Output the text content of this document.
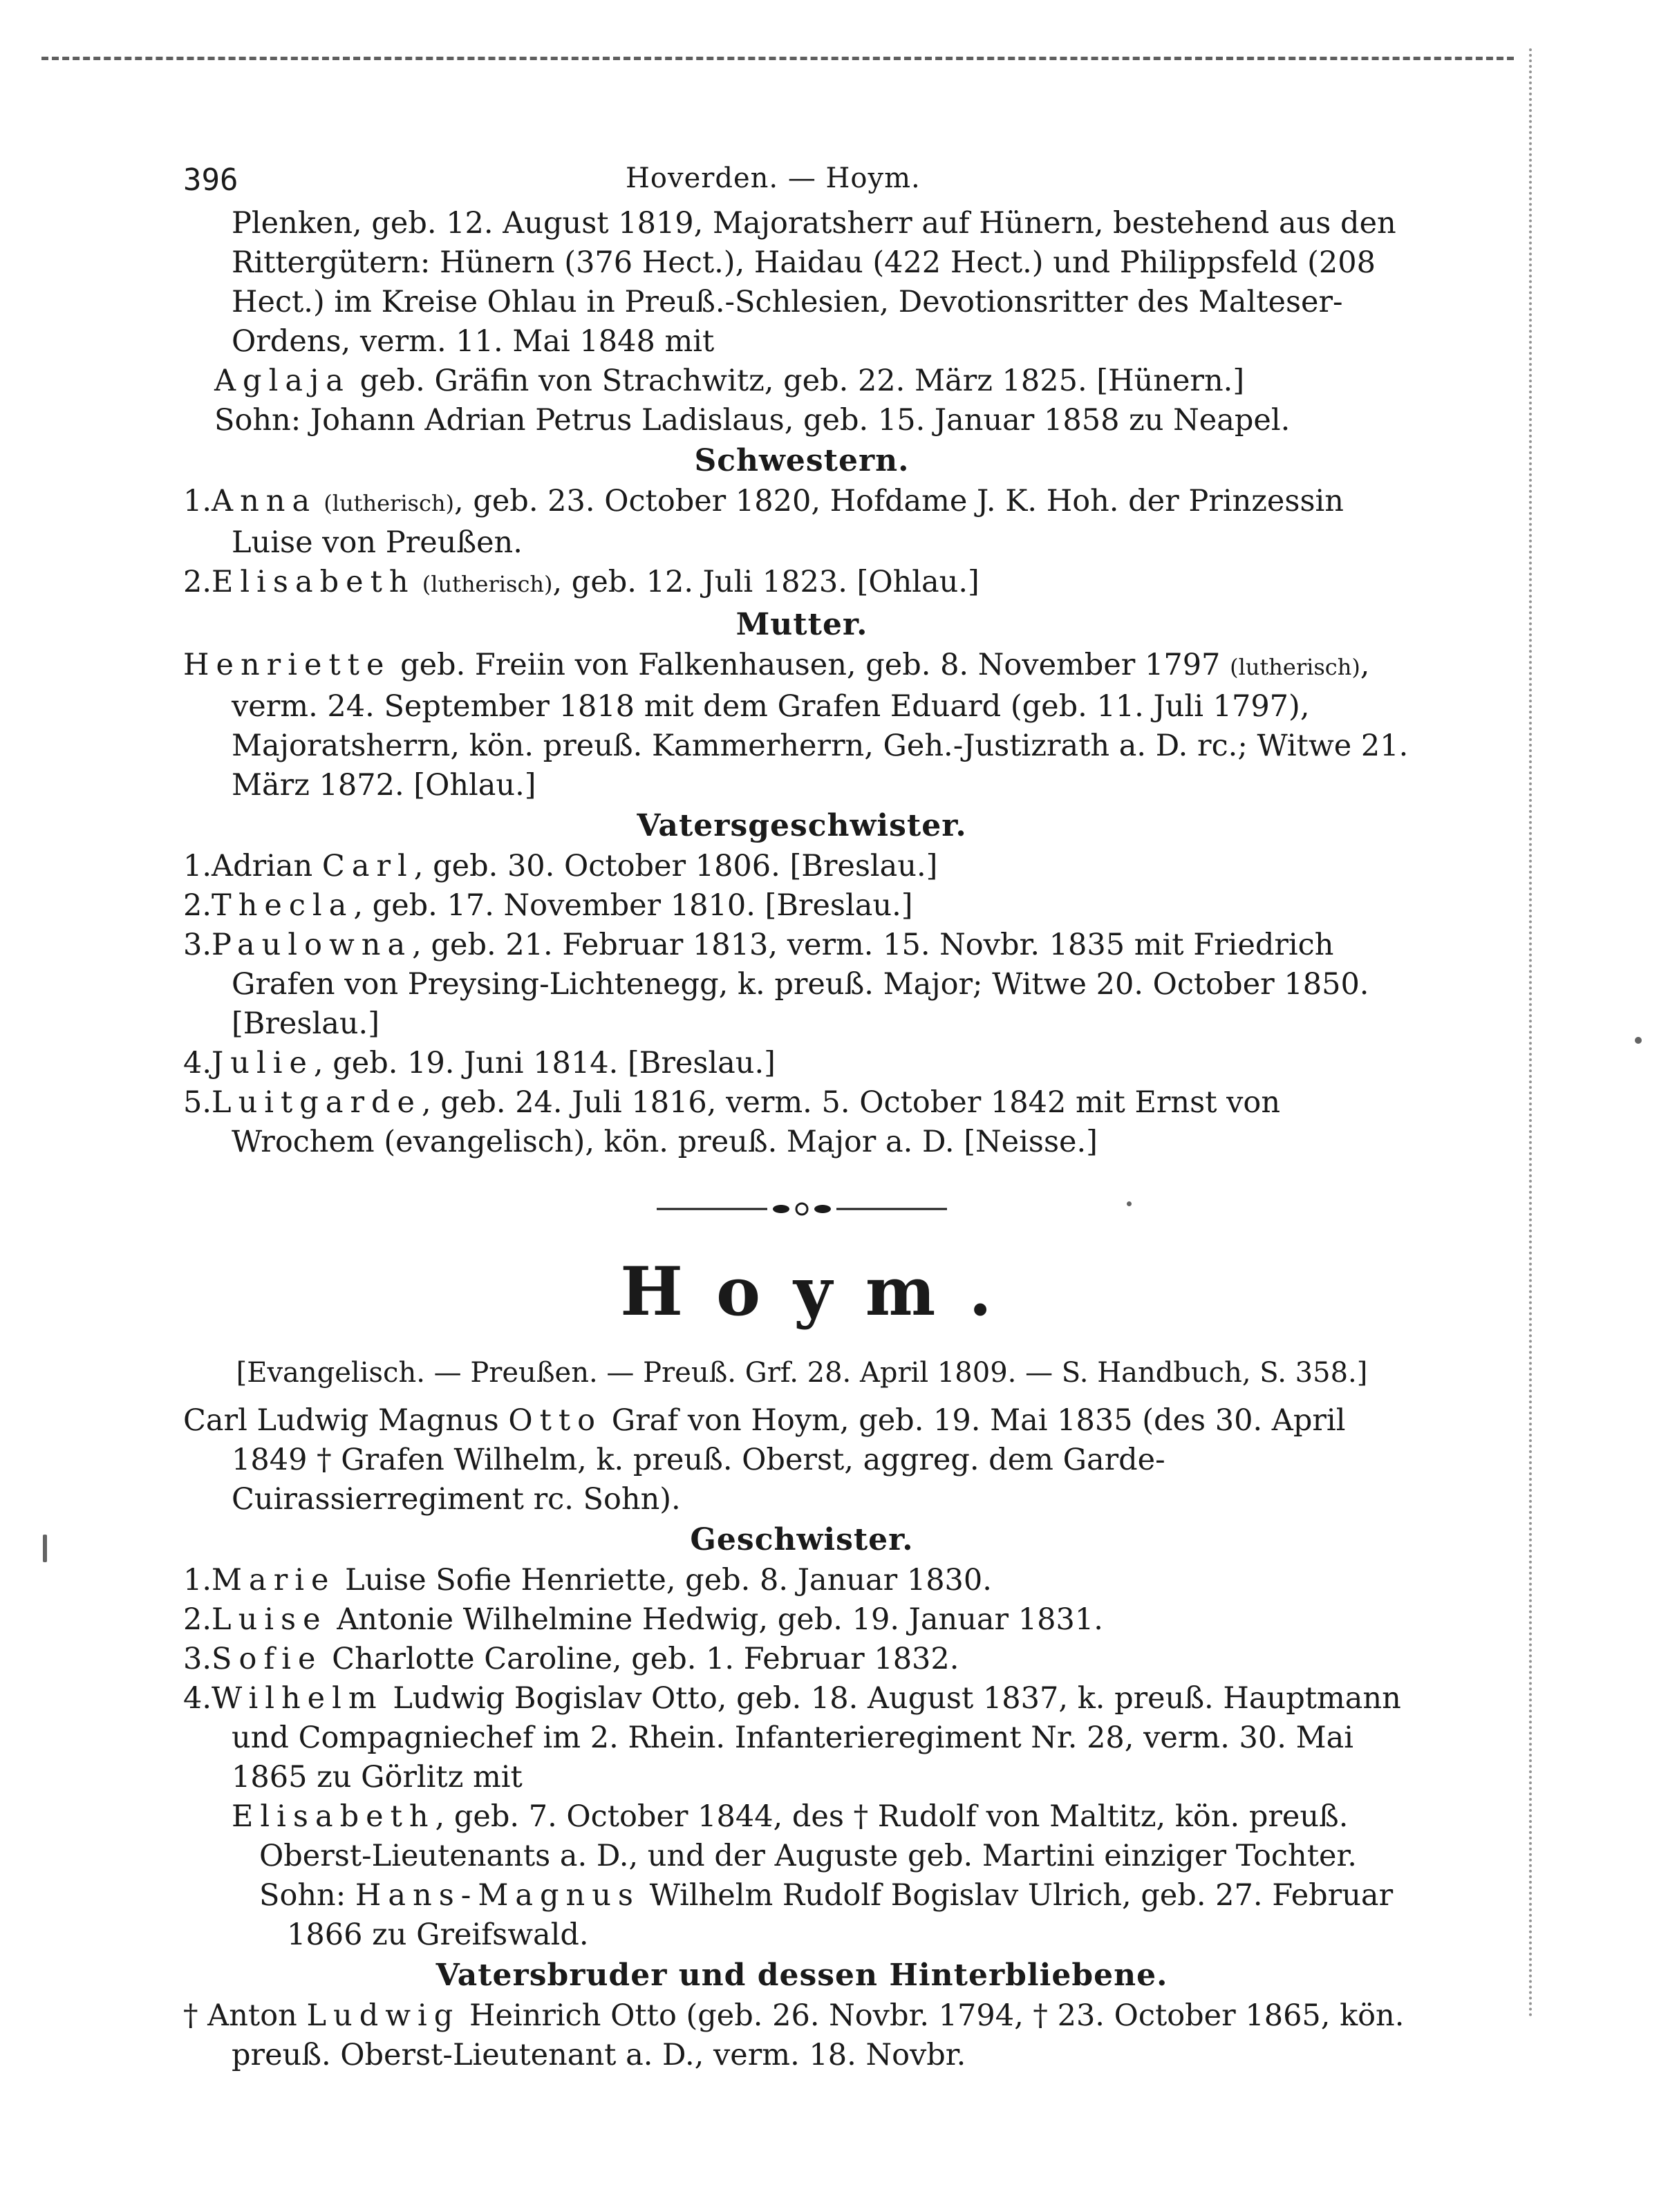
396	Hoverden. — Hoym.

Plenken, geb. 12. August 1819, Majoratsherr auf Hünern, bestehend aus den Rittergütern: Hünern (376 Hect.), Haidau (422 Hect.) und Philippsfeld (208 Hect.) im Kreise Ohlau in Preuß.-Schlesien, Devotionsritter des Malteser-Ordens, verm. 11. Mai 1848 mit

Aglaja geb. Gräfin von Strachwitz, geb. 22. März 1825. [Hünern.]

Sohn: Johann Adrian Petrus Ladislaus, geb. 15. Januar 1858 zu Neapel.

Schwestern.

1.Anna (lutherisch), geb. 23. October 1820, Hofdame J. K. Hoh. der Prinzessin Luise von Preußen.

2.Elisabeth (lutherisch), geb. 12. Juli 1823. [Ohlau.]

Mutter.

Henriette geb. Freiin von Falkenhausen, geb. 8. November 1797 (lutherisch), verm. 24. September 1818 mit dem Grafen Eduard (geb. 11. Juli 1797), Majoratsherrn, kön. preuß. Kammerherrn, Geh.-Justizrath a. D. rc.; Witwe 21. März 1872. [Ohlau.]

Vatersgeschwister.

1.Adrian Carl, geb. 30. October 1806. [Breslau.]

2.Thecla, geb. 17. November 1810. [Breslau.]

3.Paulowna, geb. 21. Februar 1813, verm. 15. Novbr. 1835 mit Friedrich Grafen von Preysing-Lichtenegg, k. preuß. Major; Witwe 20. October 1850. [Breslau.]

4.Julie, geb. 19. Juni 1814. [Breslau.]

5.Luitgarde, geb. 24. Juli 1816, verm. 5. October 1842 mit Ernst von Wrochem (evangelisch), kön. preuß. Major a. D. [Neisse.]

Hoym.

[Evangelisch. — Preußen. — Preuß. Grf. 28. April 1809. — S. Handbuch, S. 358.]

Carl Ludwig Magnus Otto Graf von Hoym, geb. 19. Mai 1835 (des 30. April 1849 † Grafen Wilhelm, k. preuß. Oberst, aggreg. dem Garde-Cuirassierregiment rc. Sohn).

Geschwister.

1.Marie Luise Sofie Henriette, geb. 8. Januar 1830.

2.Luise Antonie Wilhelmine Hedwig, geb. 19. Januar 1831.

3.Sofie Charlotte Caroline, geb. 1. Februar 1832.

4.Wilhelm Ludwig Bogislav Otto, geb. 18. August 1837, k. preuß. Hauptmann und Compagniechef im 2. Rhein. Infanterieregiment Nr. 28, verm. 30. Mai 1865 zu Görlitz mit

Elisabeth, geb. 7. October 1844, des † Rudolf von Maltitz, kön. preuß. Oberst-Lieutenants a. D., und der Auguste geb. Martini einziger Tochter.

Sohn: Hans-Magnus Wilhelm Rudolf Bogislav Ulrich, geb. 27. Februar 1866 zu Greifswald.

Vatersbruder und dessen Hinterbliebene.

† Anton Ludwig Heinrich Otto (geb. 26. Novbr. 1794, † 23. October 1865, kön. preuß. Oberst-Lieutenant a. D., verm. 18. Novbr.
